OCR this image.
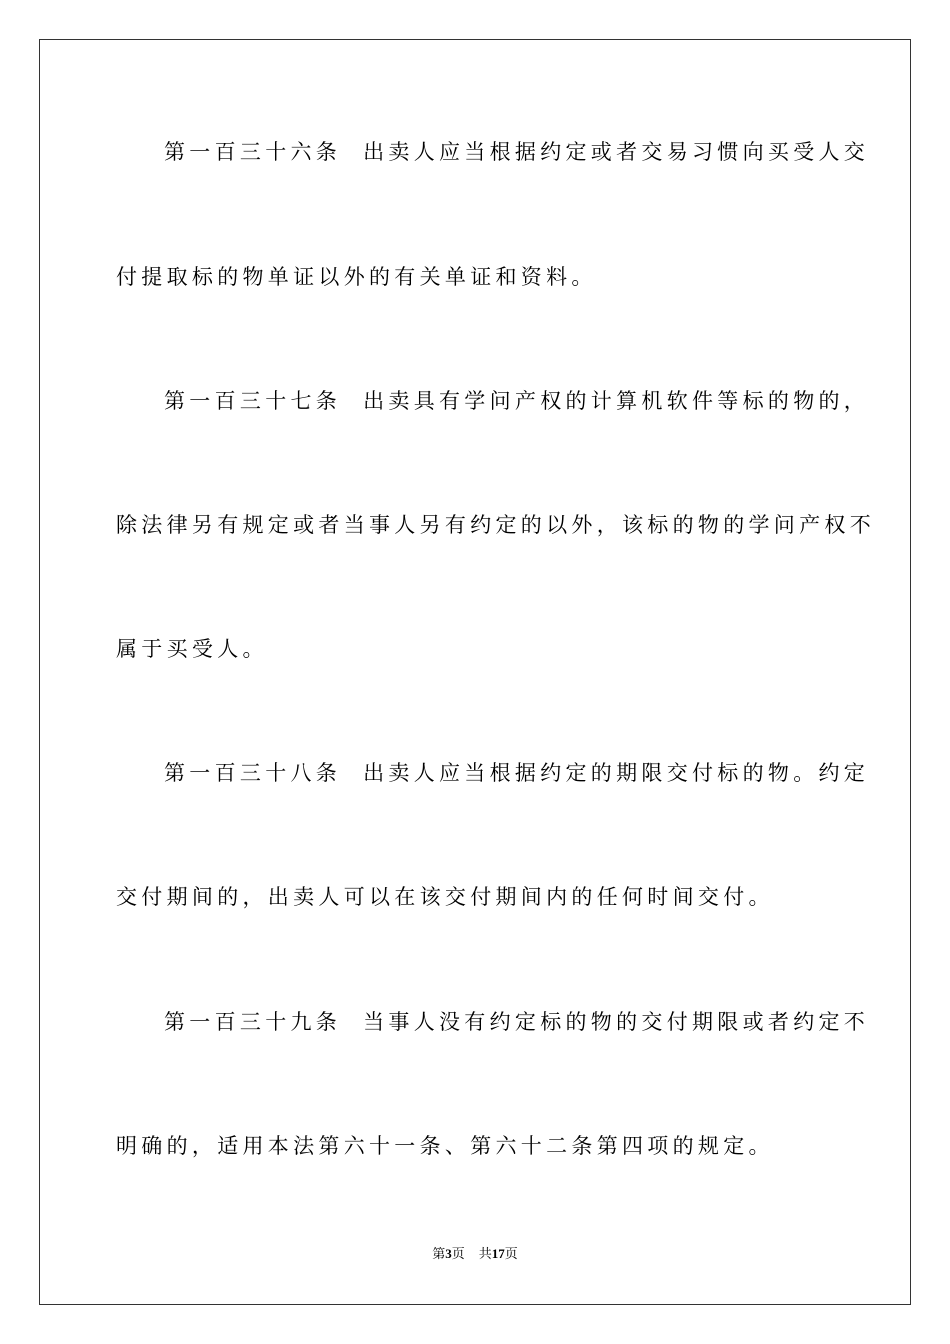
第一百三十六条 出卖人应当根据约定或者交易习惯向买受人交

付提取标的物单证以外的有关单证和资料。

第一百三十七条 出卖具有学问产权的计算机软件等标的物的，

除法律另有规定或者当事人另有约定的以外，该标的物的学问产权不

属于买受人。

第一百三十八条 出卖人应当根据约定的期限交付标的物。约定

交付期间的，出卖人可以在该交付期间内的任何时间交付。

第一百三十九条 当事人没有约定标的物的交付期限或者约定不

明确的，适用本法第六十一条、第六十二条第四项的规定。

第3页 共17页
